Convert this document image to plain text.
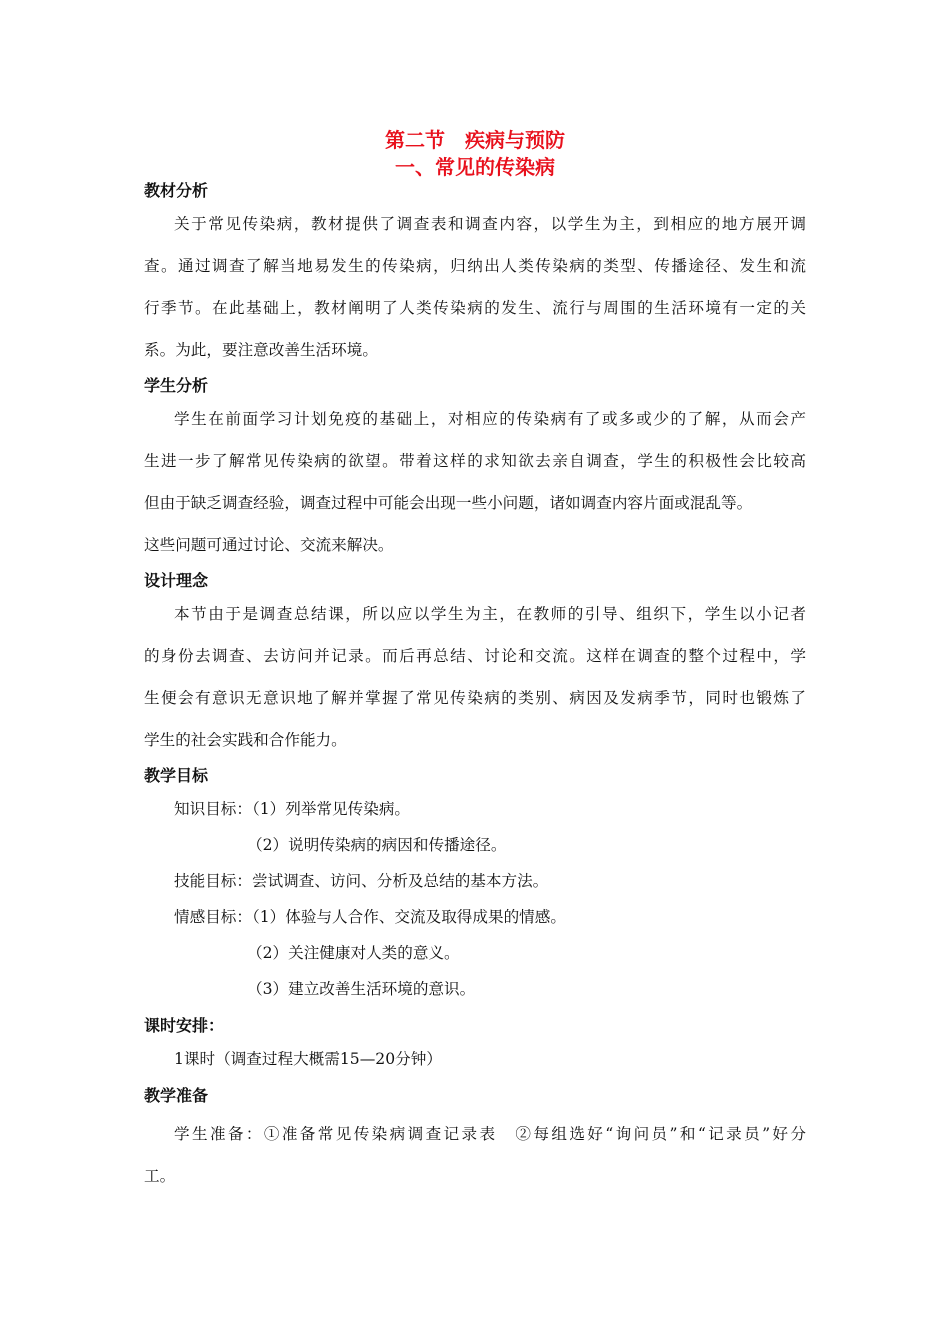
第二节　疾病与预防
一、常见的传染病
教材分析
关于常见传染病，教材提供了调查表和调查内容，以学生为主，到相应的地方展开调
查。通过调查了解当地易发生的传染病，归纳出人类传染病的类型、传播途径、发生和流
行季节。在此基础上，教材阐明了人类传染病的发生、流行与周围的生活环境有一定的关
系。为此，要注意改善生活环境。
学生分析
学生在前面学习计划免疫的基础上，对相应的传染病有了或多或少的了解，从而会产
生进一步了解常见传染病的欲望。带着这样的求知欲去亲自调查，学生的积极性会比较高
但由于缺乏调查经验，调查过程中可能会出现一些小问题，诸如调查内容片面或混乱等。
这些问题可通过讨论、交流来解决。
设计理念
本节由于是调查总结课，所以应以学生为主，在教师的引导、组织下，学生以小记者
的身份去调查、去访问并记录。而后再总结、讨论和交流。这样在调查的整个过程中，学
生便会有意识无意识地了解并掌握了常见传染病的类别、病因及发病季节，同时也锻炼了
学生的社会实践和合作能力。
教学目标
知识目标：（1）列举常见传染病。
（2）说明传染病的病因和传播途径。
技能目标：尝试调查、访问、分析及总结的基本方法。
情感目标：（1）体验与人合作、交流及取得成果的情感。
（2）关注健康对人类的意义。
（3）建立改善生活环境的意识。
课时安排：
1课时（调查过程大概需15—20分钟）
教学准备
学生准备：①准备常见传染病调查记录表　②每组选好“询问员”和“记录员”好分
工。
